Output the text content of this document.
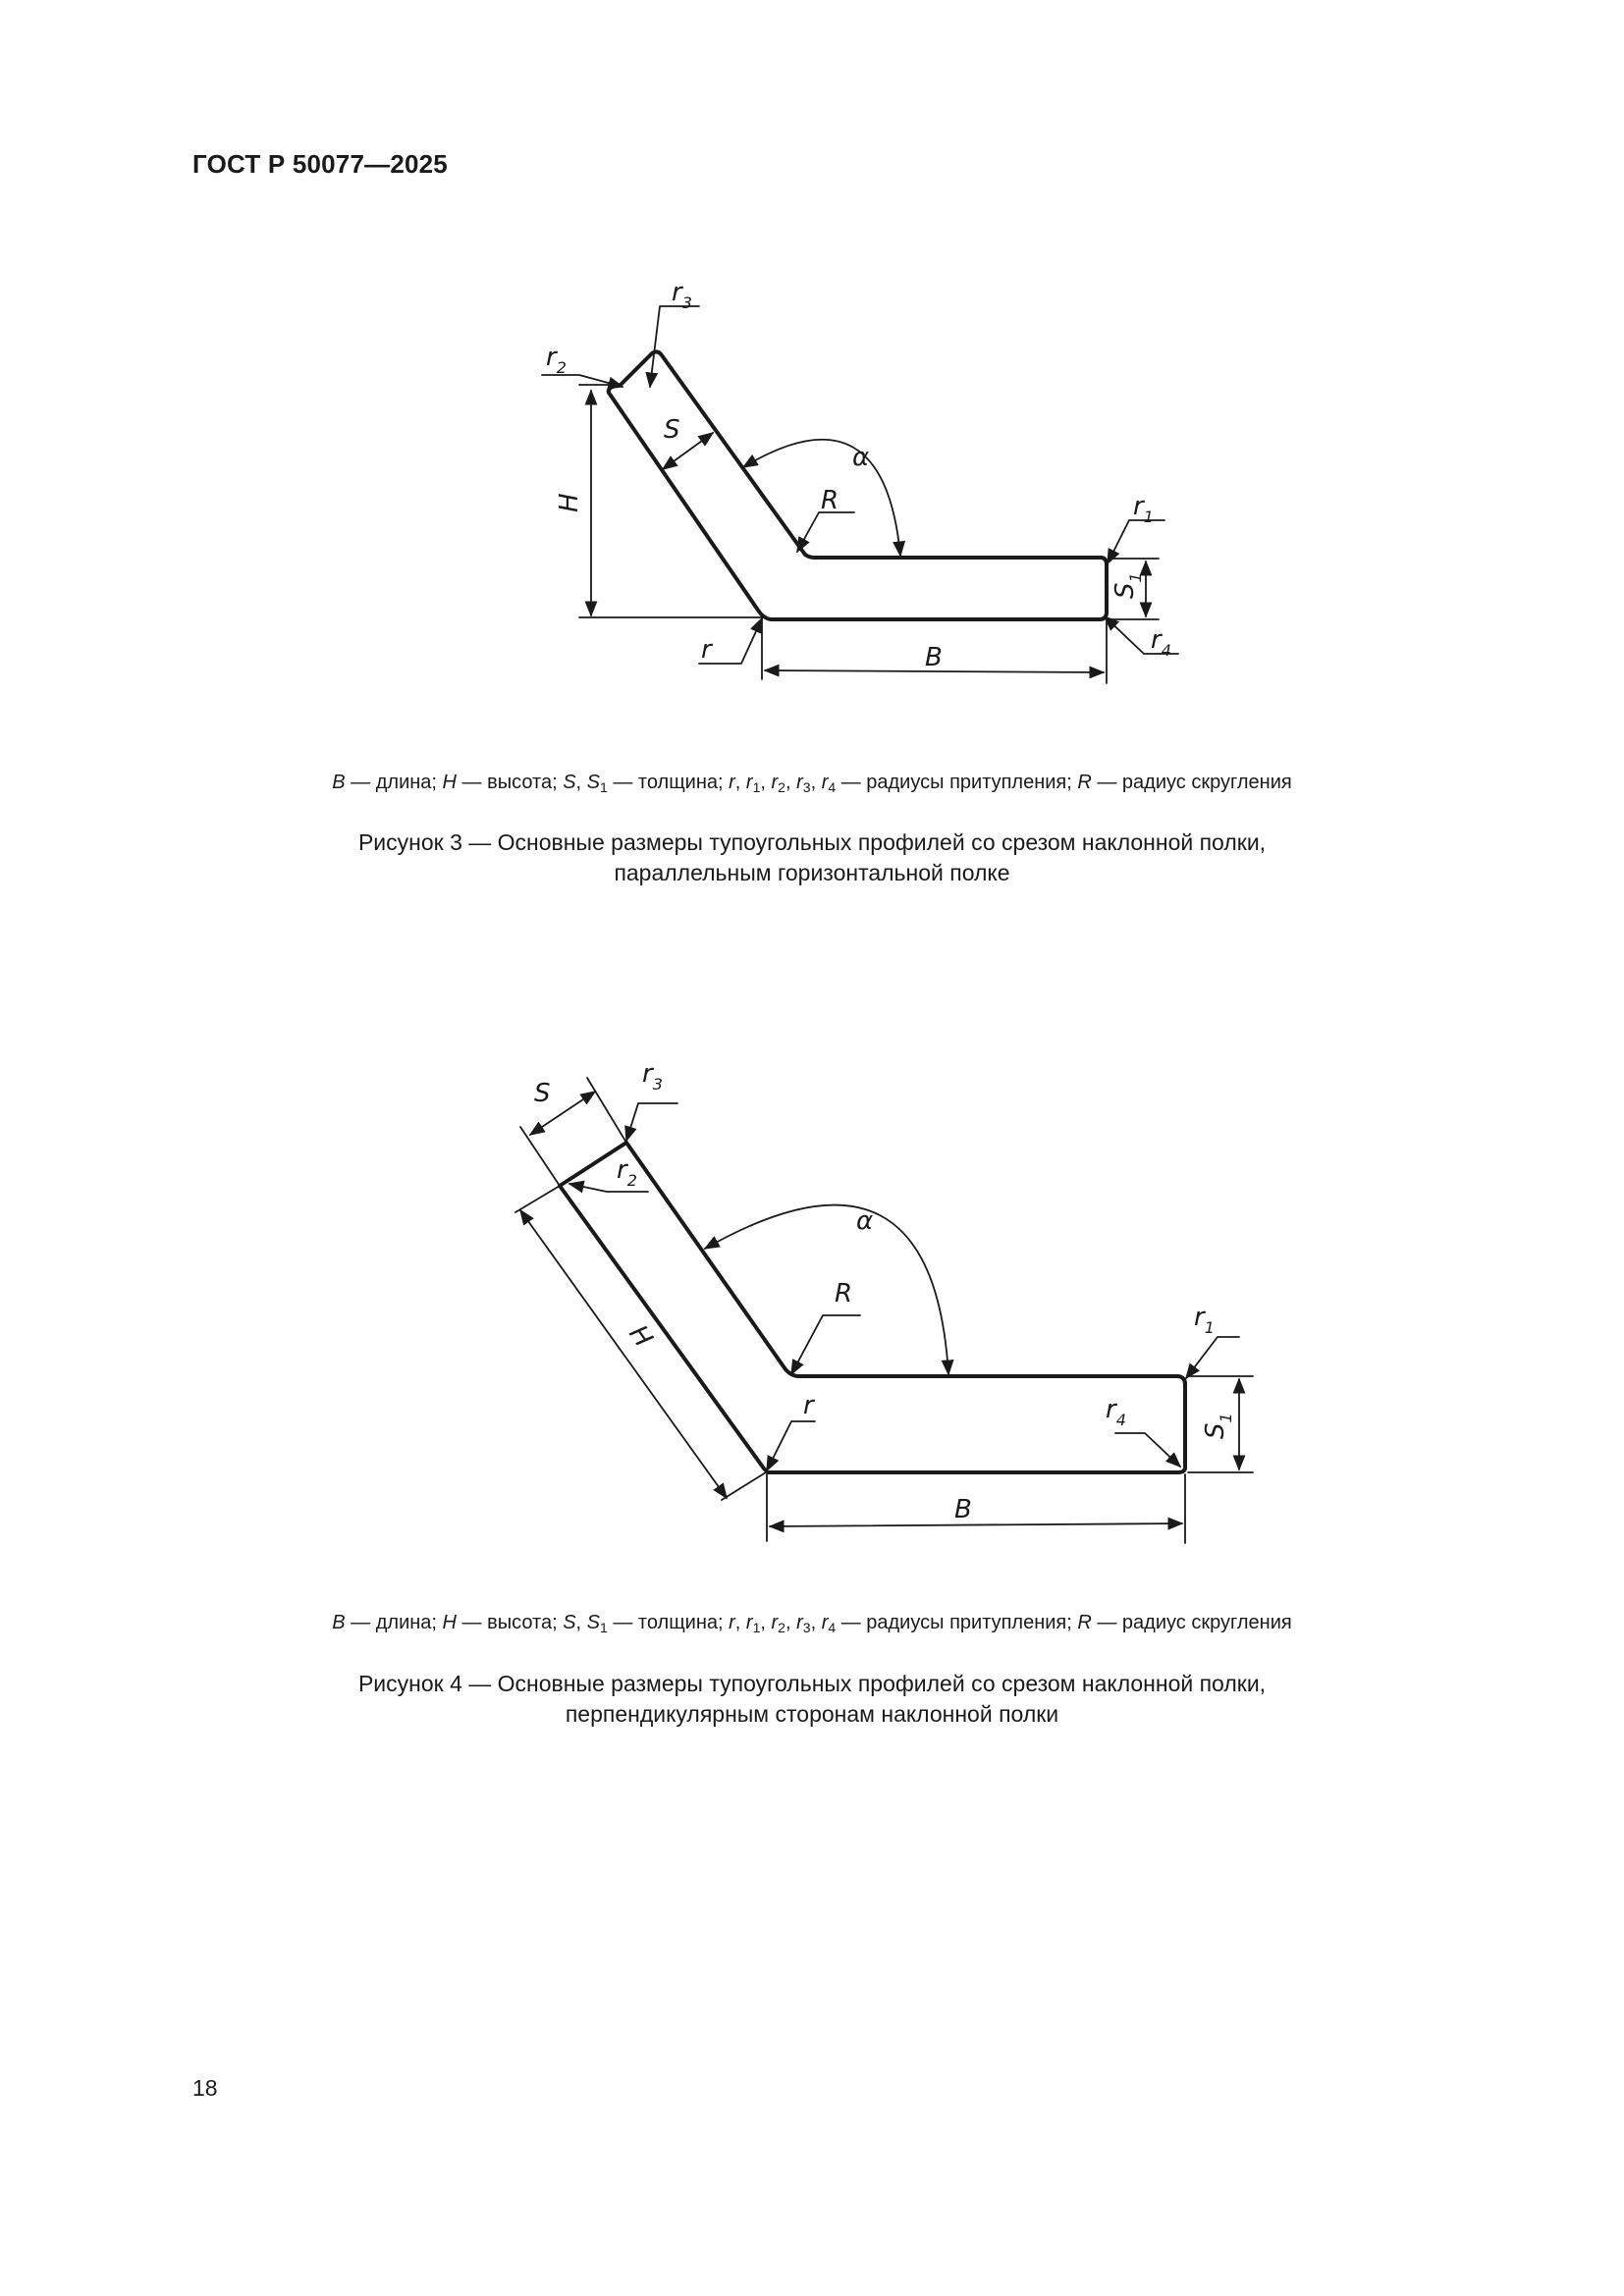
ГОСТ Р 50077—2025
$r_3$
$r_2$
S
α
H	R	$r_1$
$S_1$
$r_4$
r	B
B — длина; H — высота; S, $S_1$ — толщина; r, $r_1$, $r_2$, $r_3$, $r_4$ — радиусы притупления; R — радиус скругления
Рисунок 3 — Основные размеры тупоугольных профилей со срезом наклонной полки,
параллельным горизонтальной полке
S
$r_3$
$r_2$
α
H
R
$r_1$
r	$r_4$
$S_1$
B
B — длина; H — высота; S, $S_1$ — толщина; r, $r_1$, $r_2$, $r_3$, $r_4$ — радиусы притупления; R — радиус скругления
Рисунок 4 — Основные размеры тупоугольных профилей со срезом наклонной полки,
перпендикулярным сторонам наклонной полки
18
